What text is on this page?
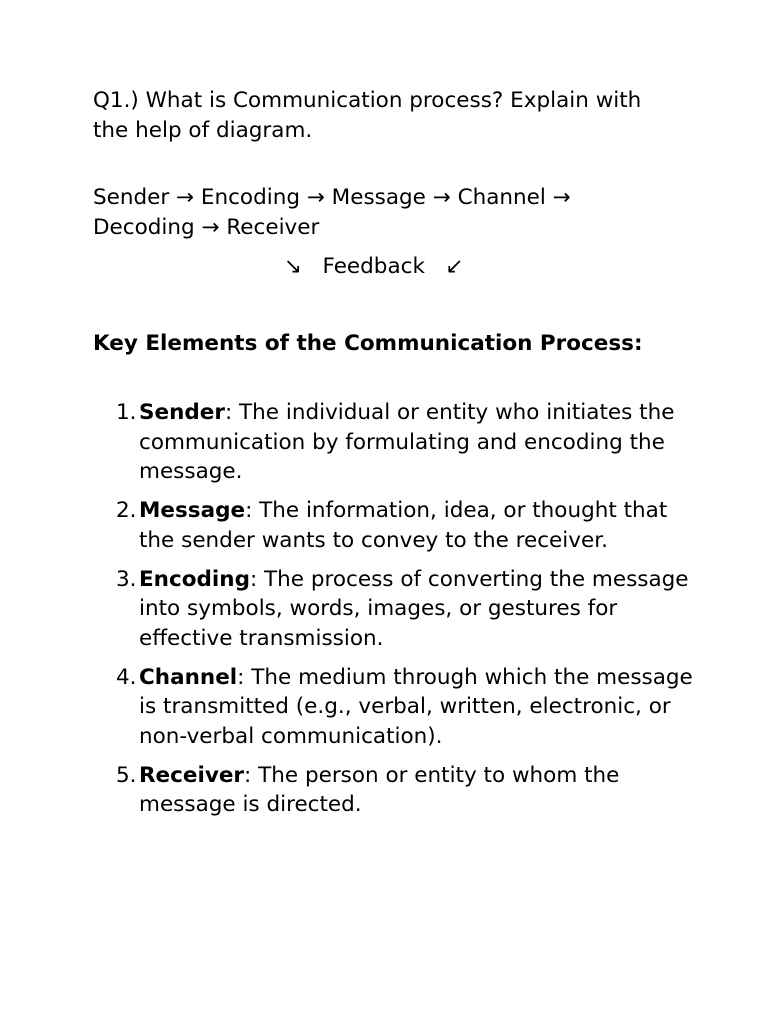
Q1.) What is Communication process? Explain with the help of diagram.

Sender → Encoding → Message → Channel → Decoding → Receiver

↘   Feedback   ↙

Key Elements of the Communication Process:

1. Sender: The individual or entity who initiates the communication by formulating and encoding the message.
2. Message: The information, idea, or thought that the sender wants to convey to the receiver.
3. Encoding: The process of converting the message into symbols, words, images, or gestures for effective transmission.
4. Channel: The medium through which the message is transmitted (e.g., verbal, written, electronic, or non-verbal communication).
5. Receiver: The person or entity to whom the message is directed.
